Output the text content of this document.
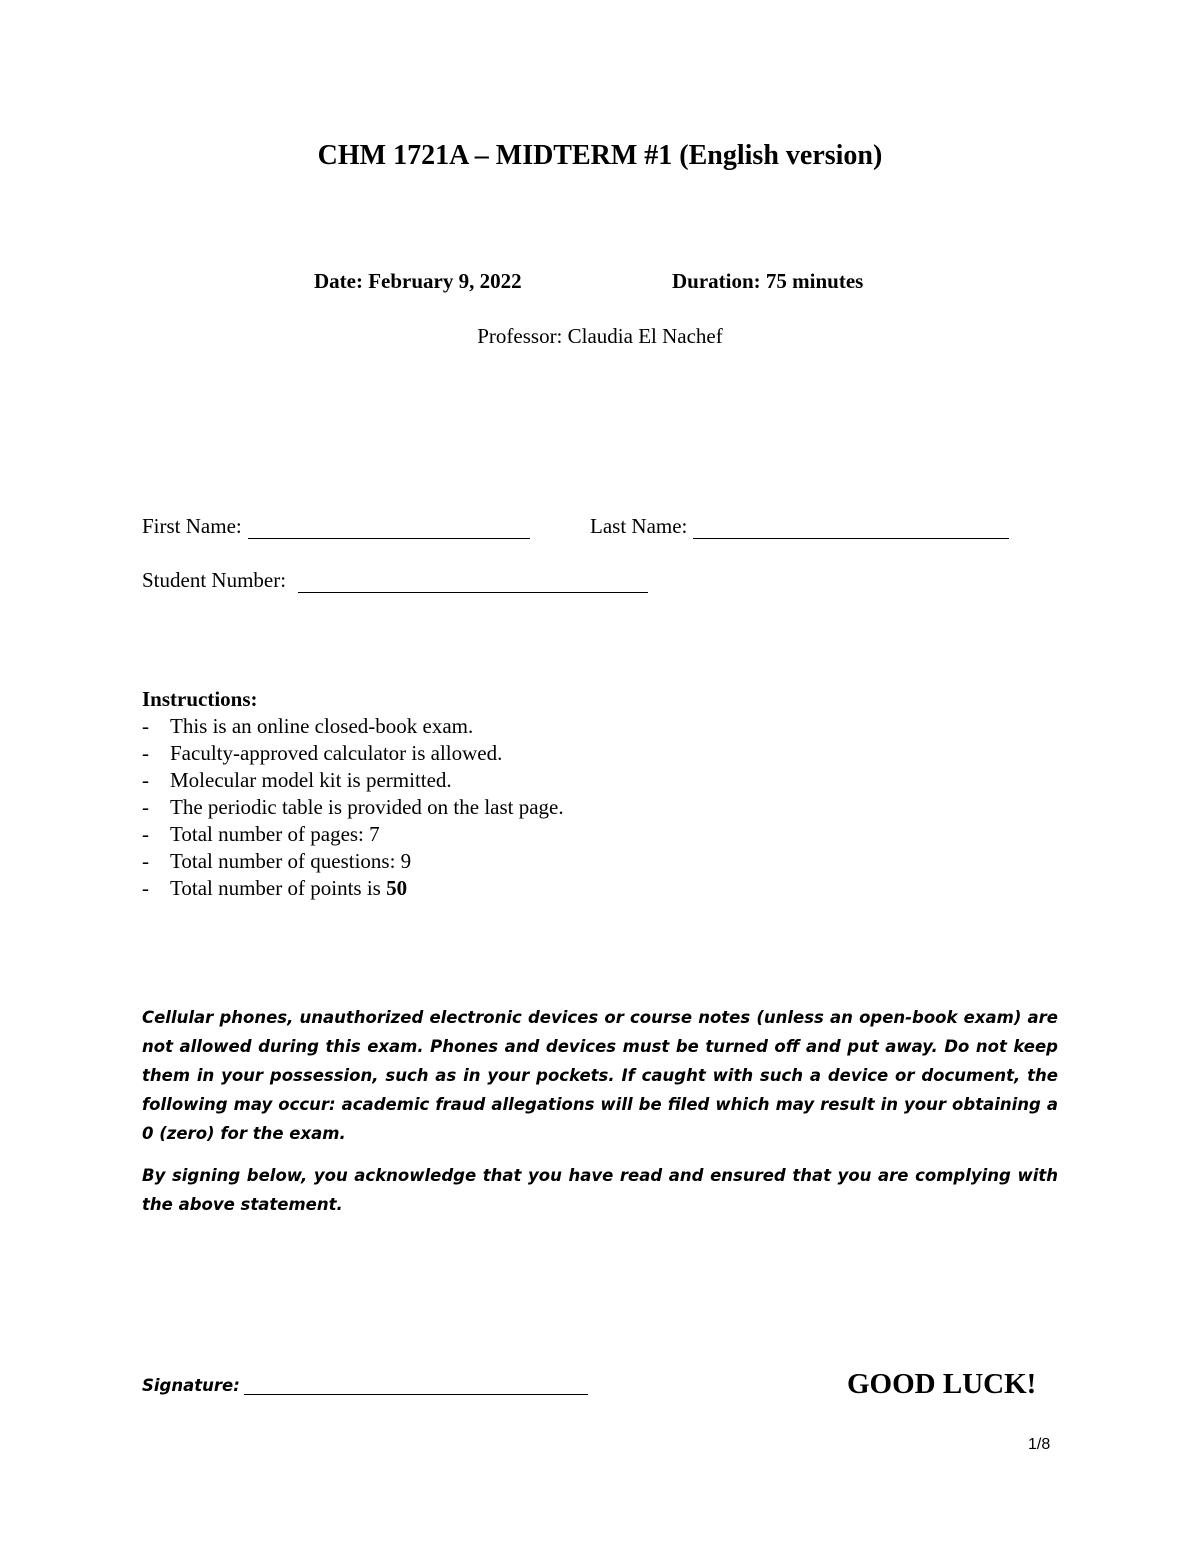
CHM 1721A – MIDTERM #1 (English version)
Date: February 9, 2022	Duration: 75 minutes
Professor: Claudia El Nachef
First Name:	Last Name:
Student Number:
Instructions:
-	This is an online closed-book exam.
-	Faculty-approved calculator is allowed.
-	Molecular model kit is permitted.
-	The periodic table is provided on the last page.
-	Total number of pages: 7
-	Total number of questions: 9
-	Total number of points is 50

Cellular phones, unauthorized electronic devices or course notes (unless an open-book exam) are not allowed during this exam. Phones and devices must be turned off and put away. Do not keep them in your possession, such as in your pockets. If caught with such a device or document, the following may occur: academic fraud allegations will be filed which may result in your obtaining a 0 (zero) for the exam.

By signing below, you acknowledge that you have read and ensured that you are complying with the above statement.

Signature:	GOOD LUCK!
1/8
